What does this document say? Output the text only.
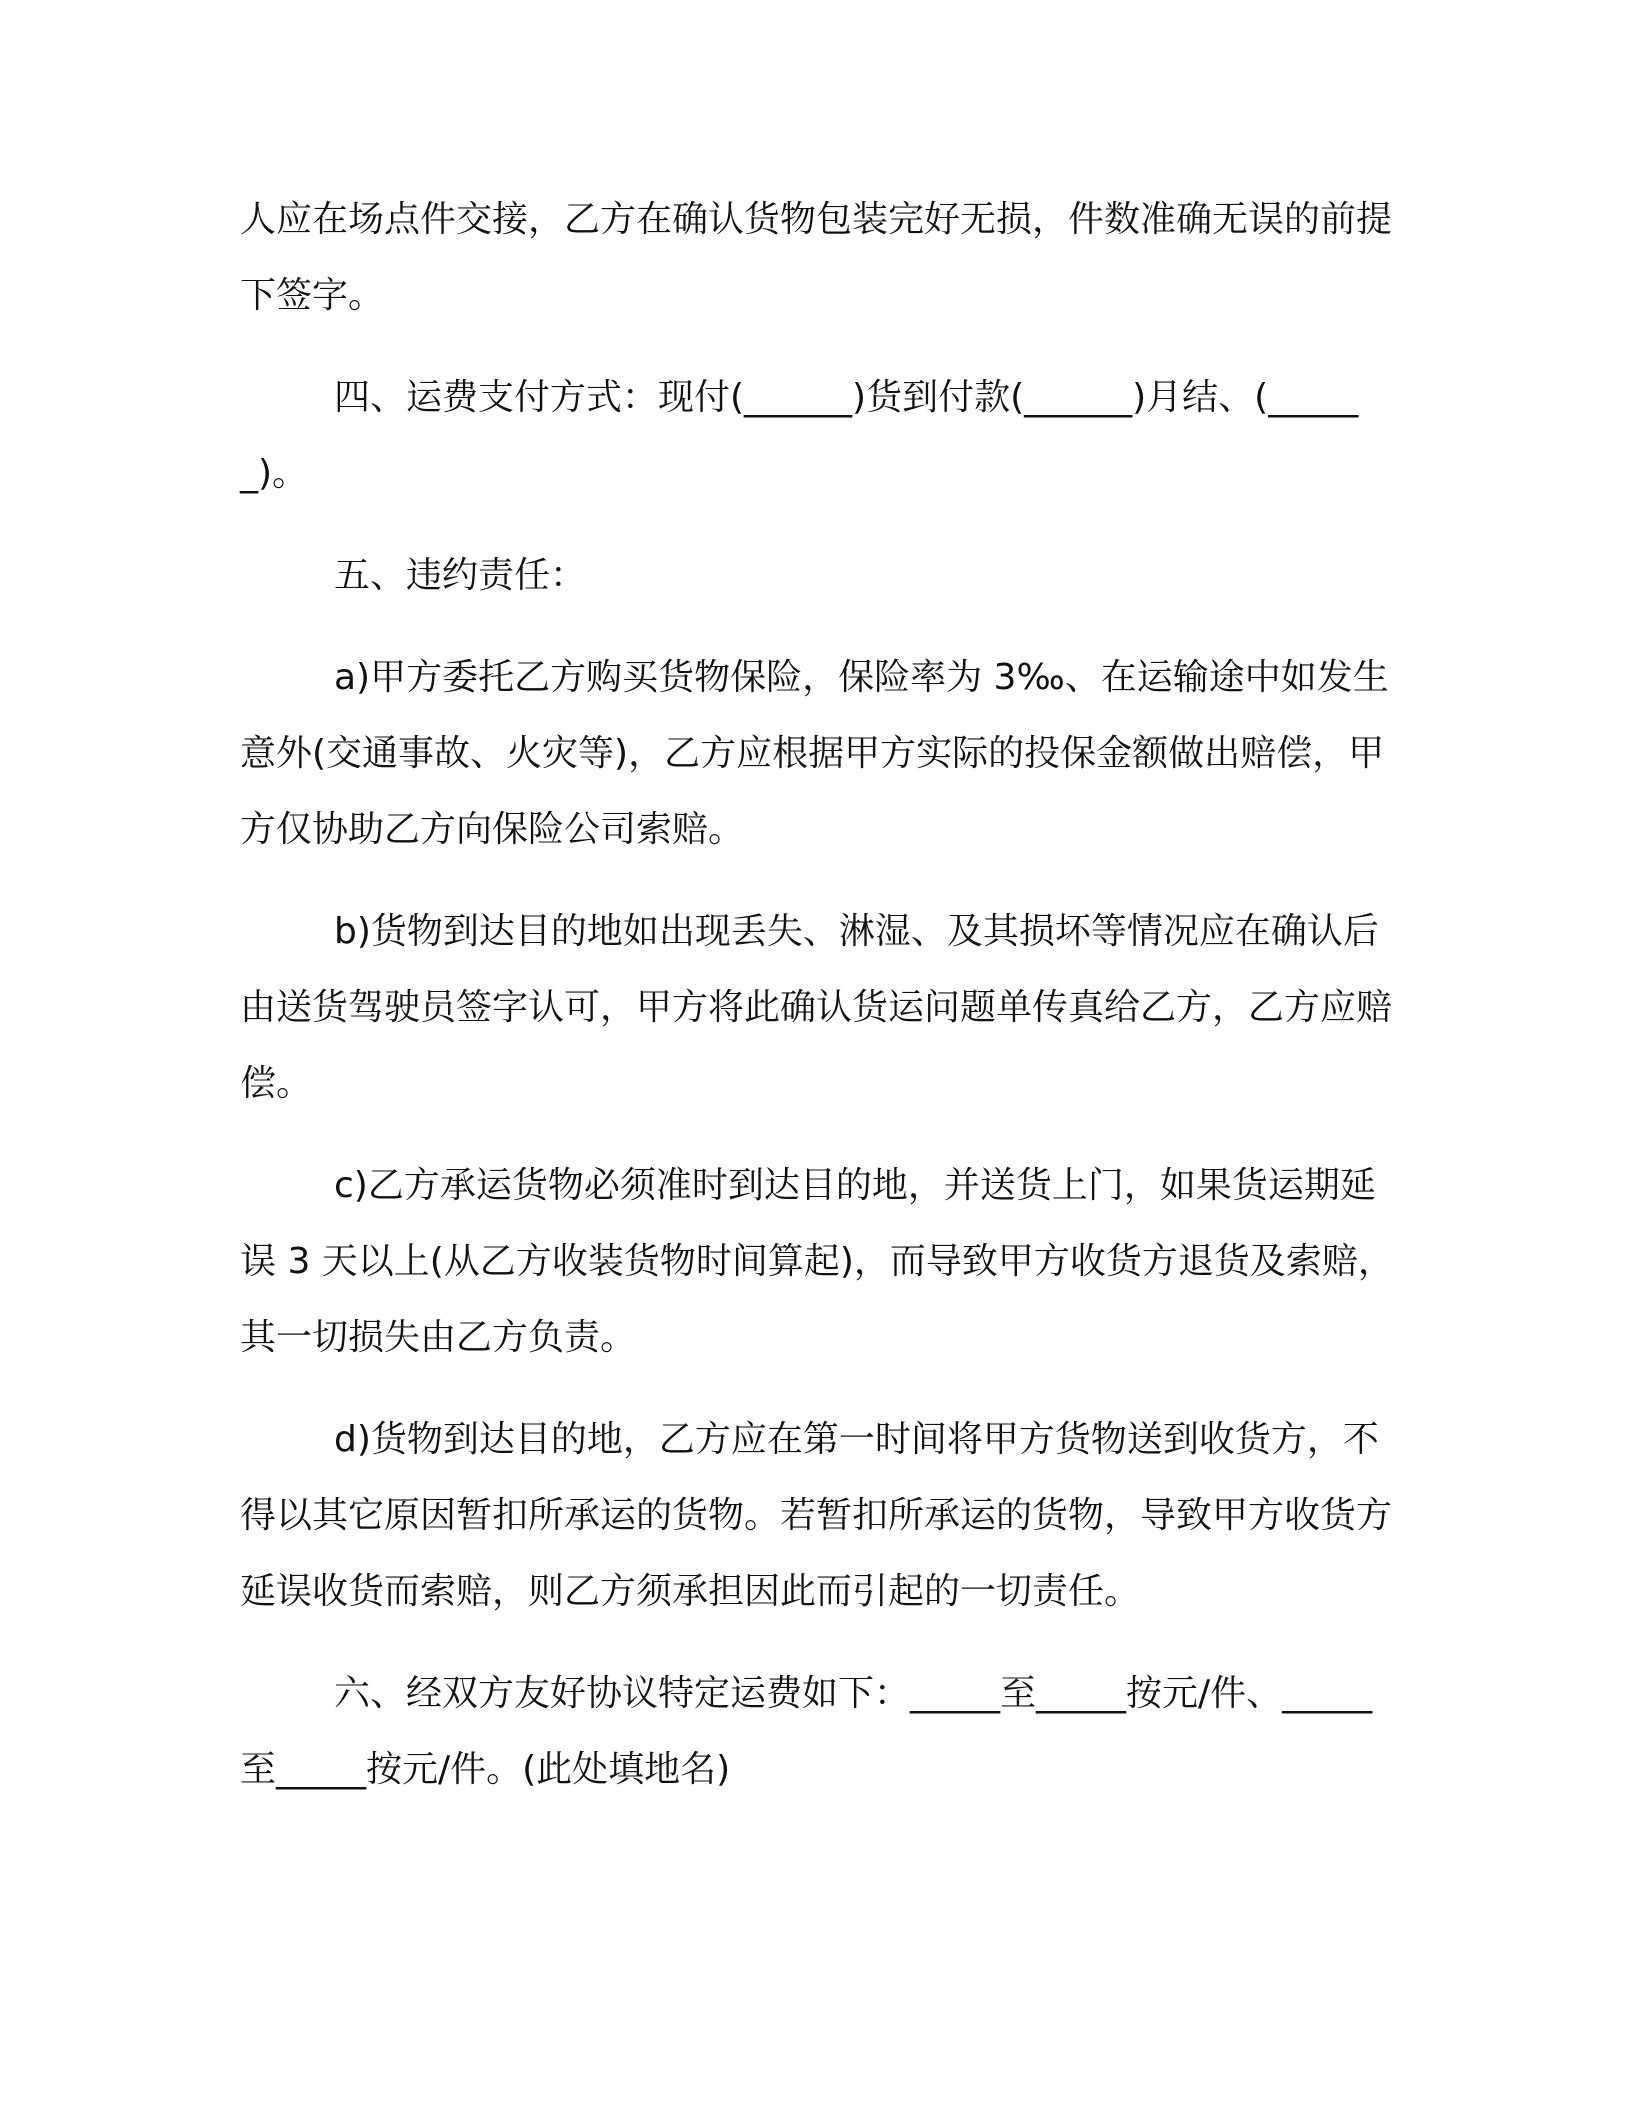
人应在场点件交接，乙方在确认货物包装完好无损，件数准确无误的前提下签字。

四、运费支付方式：现付(______)货到付款(______)月结、(______)。

五、违约责任：

a)甲方委托乙方购买货物保险，保险率为 3‰、在运输途中如发生意外(交通事故、火灾等)，乙方应根据甲方实际的投保金额做出赔偿，甲方仅协助乙方向保险公司索赔。

b)货物到达目的地如出现丢失、淋湿、及其损坏等情况应在确认后由送货驾驶员签字认可，甲方将此确认货运问题单传真给乙方，乙方应赔偿。

c)乙方承运货物必须准时到达目的地，并送货上门，如果货运期延误 3 天以上(从乙方收装货物时间算起)，而导致甲方收货方退货及索赔，其一切损失由乙方负责。

d)货物到达目的地，乙方应在第一时间将甲方货物送到收货方，不得以其它原因暂扣所承运的货物。若暂扣所承运的货物，导致甲方收货方延误收货而索赔，则乙方须承担因此而引起的一切责任。

六、经双方友好协议特定运费如下：_____至_____按元/件、_____至_____按元/件。(此处填地名)
